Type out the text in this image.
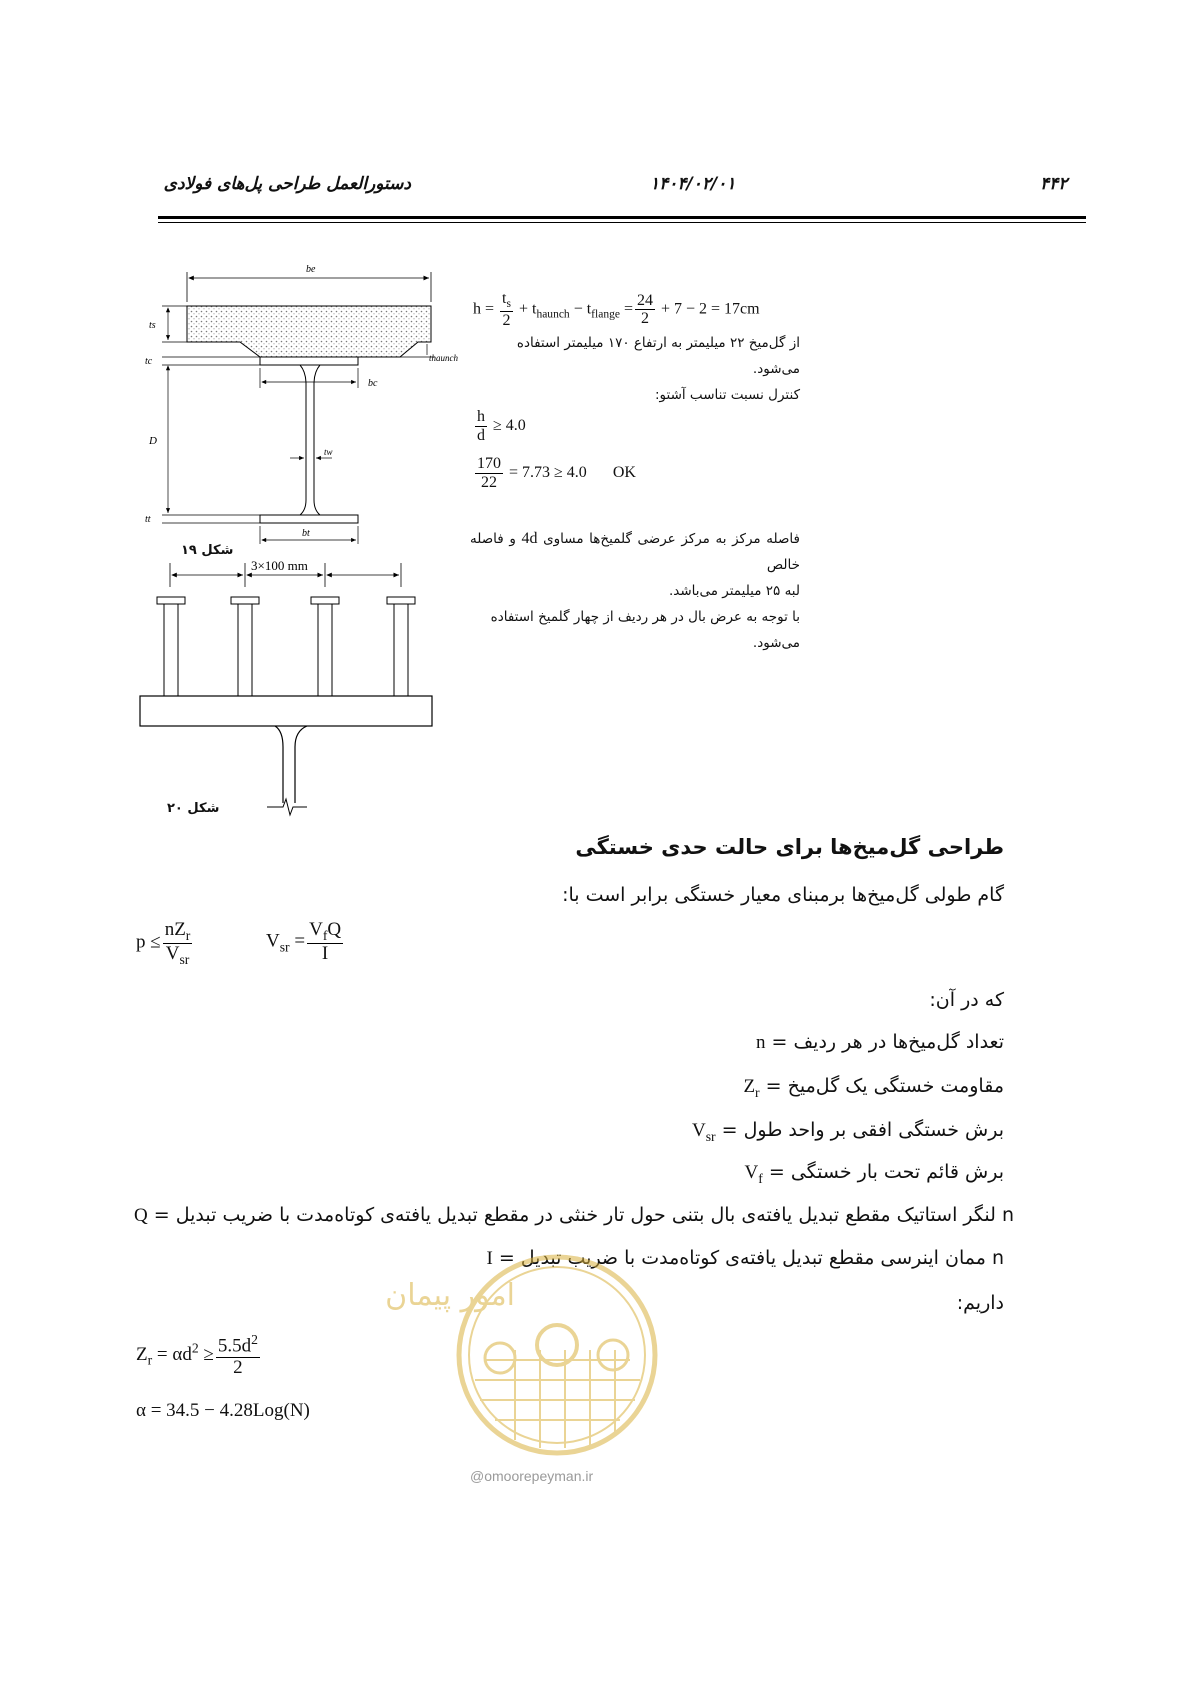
دستورالعمل طراحی پل‌های فولادی	۱۴۰۴/۰۲/۰۱	۴۴۲
be
ts
tc
D
tt
thaunch
bc
tw
bt
شکل ۱۹
3×100 mm
شکل ۲۰
$h = \frac{t_s}{2} + t_{haunch} - t_{flange} = \frac{24}{2} + 7 - 2 = 17cm$
از گل‌میخ ۲۲ میلیمتر به ارتفاع ۱۷۰ میلیمتر استفاده می‌شود.
کنترل نسبت تناسب آشتو:
$\frac{h}{d} \ge 4.0$
$\frac{170}{22} = 7.73 \ge 4.0$ OK
فاصله مرکز به مرکز عرضی گلمیخ‌ها مساوی 4d و فاصله خالص
لبه ۲۵ میلیمتر می‌باشد.
با توجه به عرض بال در هر ردیف از چهار گلمیخ استفاده
می‌شود.
طراحی گل‌میخ‌ها برای حالت حدی خستگی
گام طولی گل‌میخ‌ها برمبنای معیار خستگی برابر است با:
$p \le \frac{nZ_r}{V_{sr}}$	$V_{sr} = \frac{V_fQ}{I}$
که در آن:
n = تعداد گل‌میخ‌ها در هر ردیف
$Z_r$ = مقاومت خستگی یک گل‌میخ
$V_{sr}$ = برش خستگی افقی بر واحد طول
$V_f$ = برش قائم تحت بار خستگی
Q = لنگر استاتیک مقطع تبدیل یافته‌ی بال بتنی حول تار خنثی در مقطع تبدیل یافته‌ی کوتاه‌مدت با ضریب تبدیل n
I = ممان اینرسی مقطع تبدیل یافته‌ی کوتاه‌مدت با ضریب تبدیل n
داریم:
$Z_r = \alpha d^2 \ge \frac{5.5d^2}{2}$
α = 34.5 − 4.28Log(N)
امور پیمان
@omoorepeyman.ir
